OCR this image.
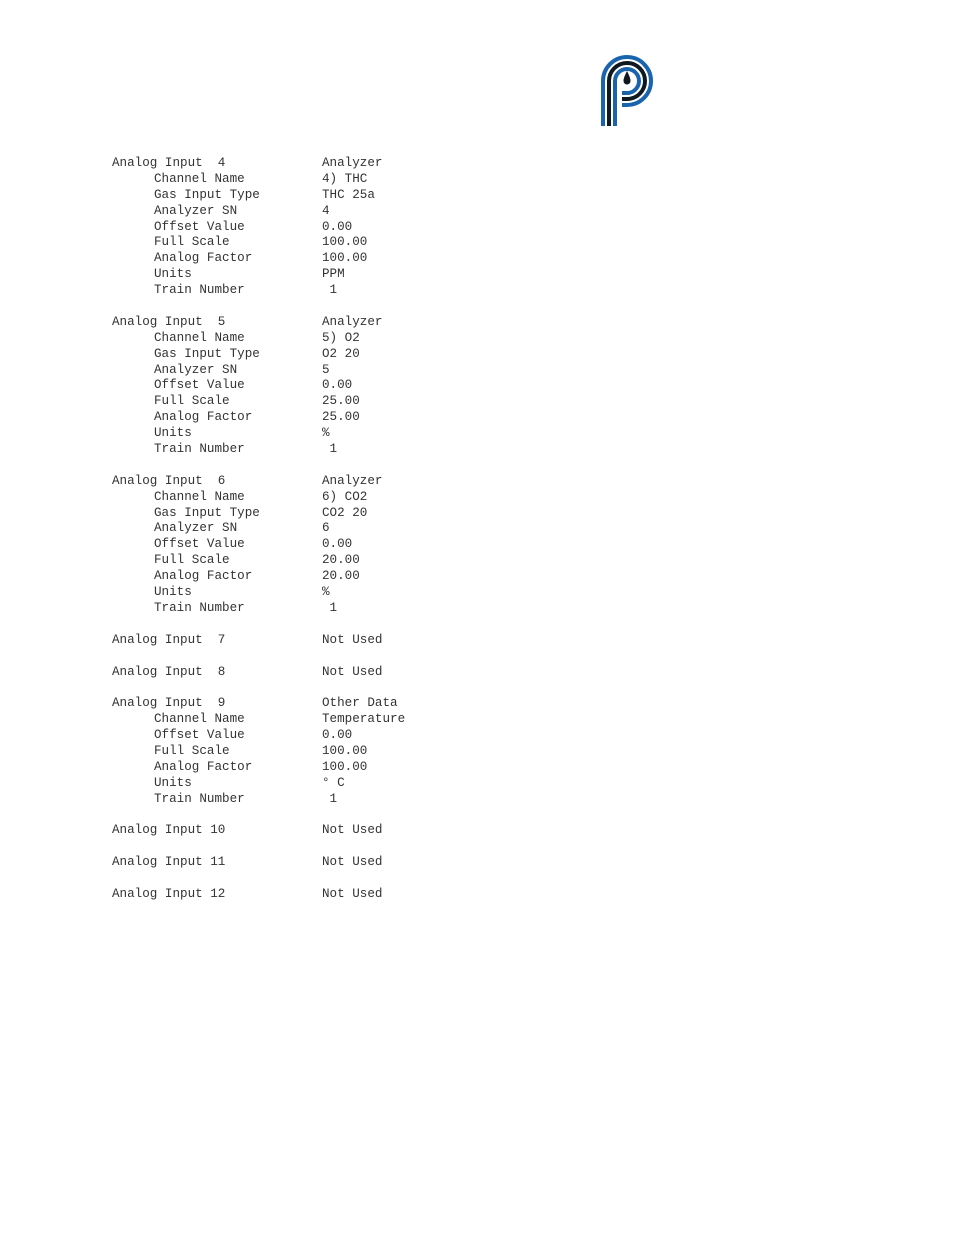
Analog Input  4	Analyzer
Channel Name	4) THC
Gas Input Type	THC 25a
Analyzer SN	4
Offset Value	0.00
Full Scale	100.00
Analog Factor	100.00
Units	PPM
Train Number	1
Analog Input  5	Analyzer
Channel Name	5) O2
Gas Input Type	O2 20
Analyzer SN	5
Offset Value	0.00
Full Scale	25.00
Analog Factor	25.00
Units	%
Train Number	1
Analog Input  6	Analyzer
Channel Name	6) CO2
Gas Input Type	CO2 20
Analyzer SN	6
Offset Value	0.00
Full Scale	20.00
Analog Factor	20.00
Units	%
Train Number	1
Analog Input  7	Not Used
Analog Input  8	Not Used
Analog Input  9	Other Data
Channel Name	Temperature
Offset Value	0.00
Full Scale	100.00
Analog Factor	100.00
Units	° C
Train Number	1
Analog Input 10	Not Used
Analog Input 11	Not Used
Analog Input 12	Not Used
